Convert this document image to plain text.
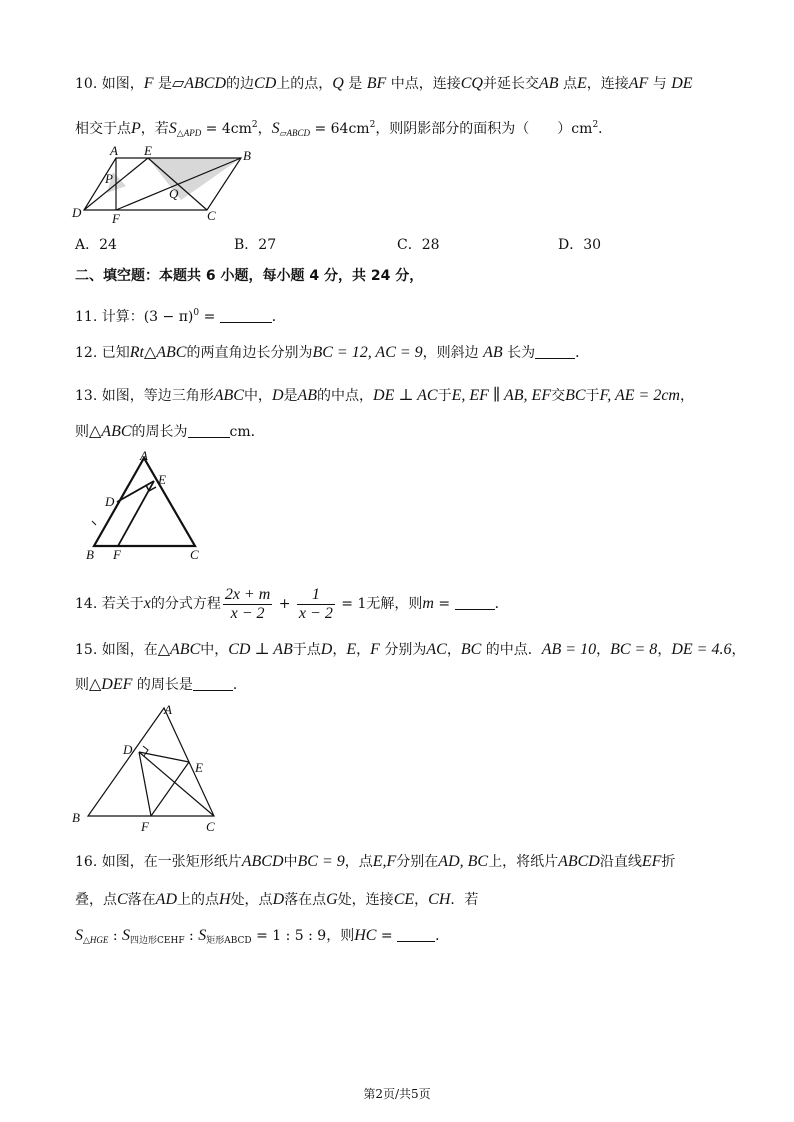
10. 如图，F 是▱ABCD的边CD上的点，Q 是 BF 中点，连接CQ并延长交AB 点E，连接AF 与 DE
相交于点P，若$S_{\triangle APD} = 4cm^2$，$S_{▱ABCD} = 64cm^2$，则阴影部分的面积为（　　）$cm^2$．
A E	B
P
Q
D F	C
A．24	B．27	C．28	D．30
二、填空题：本题共 6 小题，每小题 4 分，共 24 分，
11. 计算：$(3 - \pi)^0$ =	．
12. 已知Rt△ABC的两直角边长分别为BC = 12, AC = 9，则斜边 AB 长为	．
13. 如图，等边三角形ABC中，D是AB的中点，DE ⊥ AC于E, EF ∥ AB, EF交BC于F, AE = 2cm，
则△ABC的周长为	cm．
A
E
D
B F	C
14. 若关于x的分式方程 $\frac{2x + m}{x - 2} + \frac{1}{x - 2} = 1$无解，则m =	．
15. 如图，在△ABC中，CD ⊥ AB于点D，E，F 分别为AC，BC 的中点．AB = 10，BC = 8，DE = 4.6，
则△DEF 的周长是	．
A
D
E
B
F	C
16. 如图，在一张矩形纸片ABCD中BC = 9，点E,F分别在AD, BC上，将纸片ABCD沿直线EF折
叠，点C落在AD上的点H处，点D落在点G处，连接CE，CH．若
$S_{\triangle HGE}$ : $S_{四边形CEHF}$ : $S_{矩形ABCD} = 1$ : 5 : 9，则HC =	．
第2页/共5页
